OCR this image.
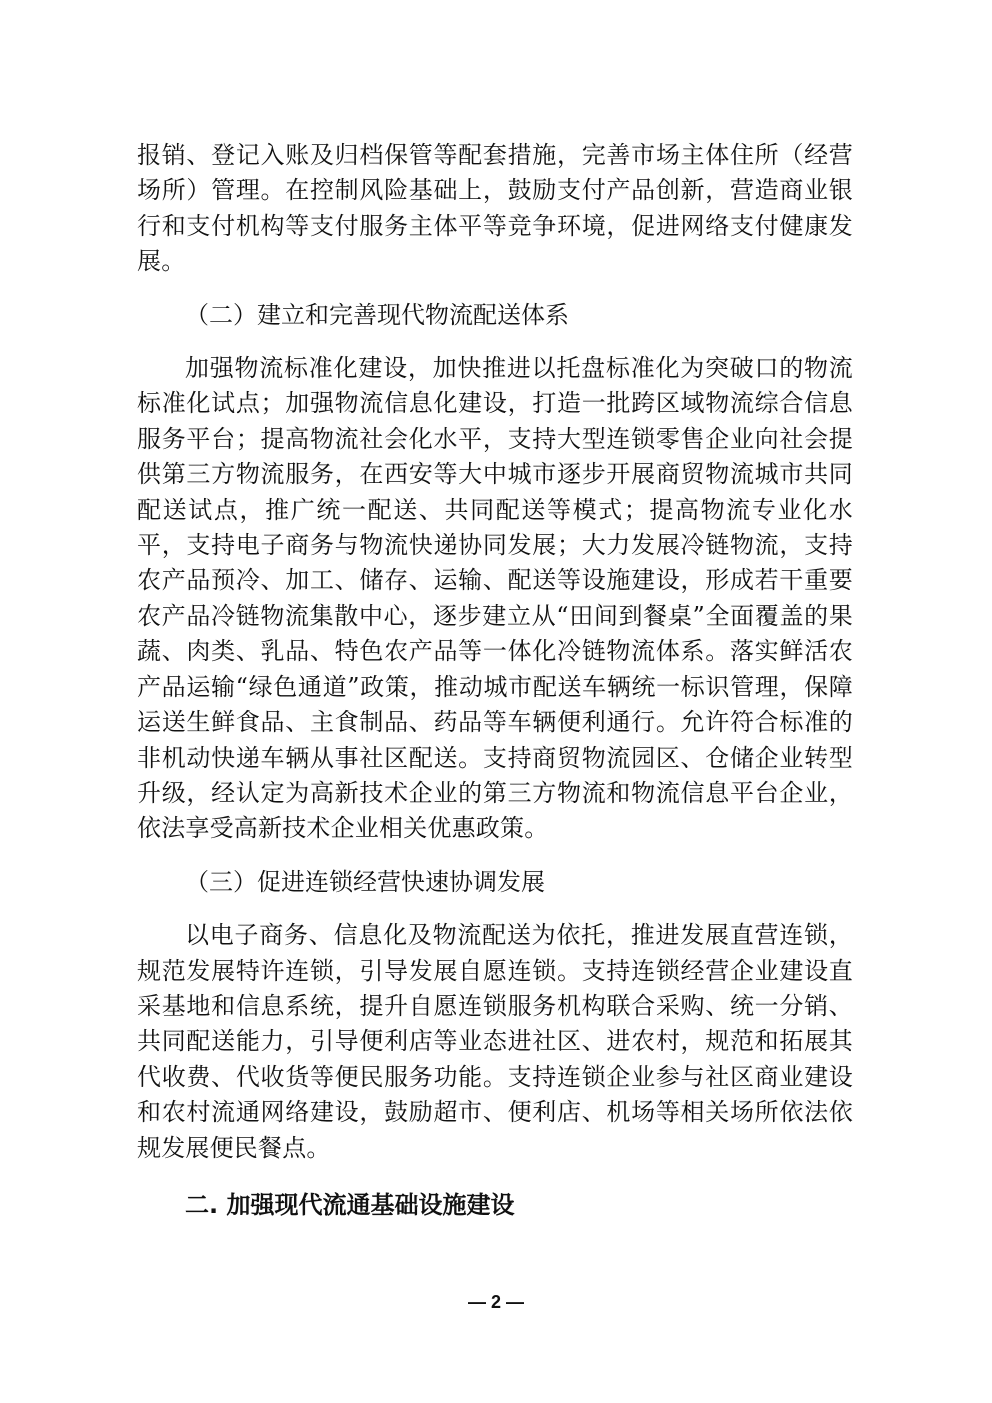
报销、登记入账及归档保管等配套措施，完善市场主体住所（经营场所）管理。在控制风险基础上，鼓励支付产品创新，营造商业银行和支付机构等支付服务主体平等竞争环境，促进网络支付健康发展。

（二）建立和完善现代物流配送体系

加强物流标准化建设，加快推进以托盘标准化为突破口的物流标准化试点；加强物流信息化建设，打造一批跨区域物流综合信息服务平台；提高物流社会化水平，支持大型连锁零售企业向社会提供第三方物流服务，在西安等大中城市逐步开展商贸物流城市共同配送试点，推广统一配送、共同配送等模式；提高物流专业化水平，支持电子商务与物流快递协同发展；大力发展冷链物流，支持农产品预冷、加工、储存、运输、配送等设施建设，形成若干重要农产品冷链物流集散中心，逐步建立从“田间到餐桌”全面覆盖的果蔬、肉类、乳品、特色农产品等一体化冷链物流体系。落实鲜活农产品运输“绿色通道”政策，推动城市配送车辆统一标识管理，保障运送生鲜食品、主食制品、药品等车辆便利通行。允许符合标准的非机动快递车辆从事社区配送。支持商贸物流园区、仓储企业转型升级，经认定为高新技术企业的第三方物流和物流信息平台企业，依法享受高新技术企业相关优惠政策。

（三）促进连锁经营快速协调发展

以电子商务、信息化及物流配送为依托，推进发展直营连锁，规范发展特许连锁，引导发展自愿连锁。支持连锁经营企业建设直采基地和信息系统，提升自愿连锁服务机构联合采购、统一分销、共同配送能力，引导便利店等业态进社区、进农村，规范和拓展其代收费、代收货等便民服务功能。支持连锁企业参与社区商业建设和农村流通网络建设，鼓励超市、便利店、机场等相关场所依法依规发展便民餐点。

二. 加强现代流通基础设施建设

— 2 —
